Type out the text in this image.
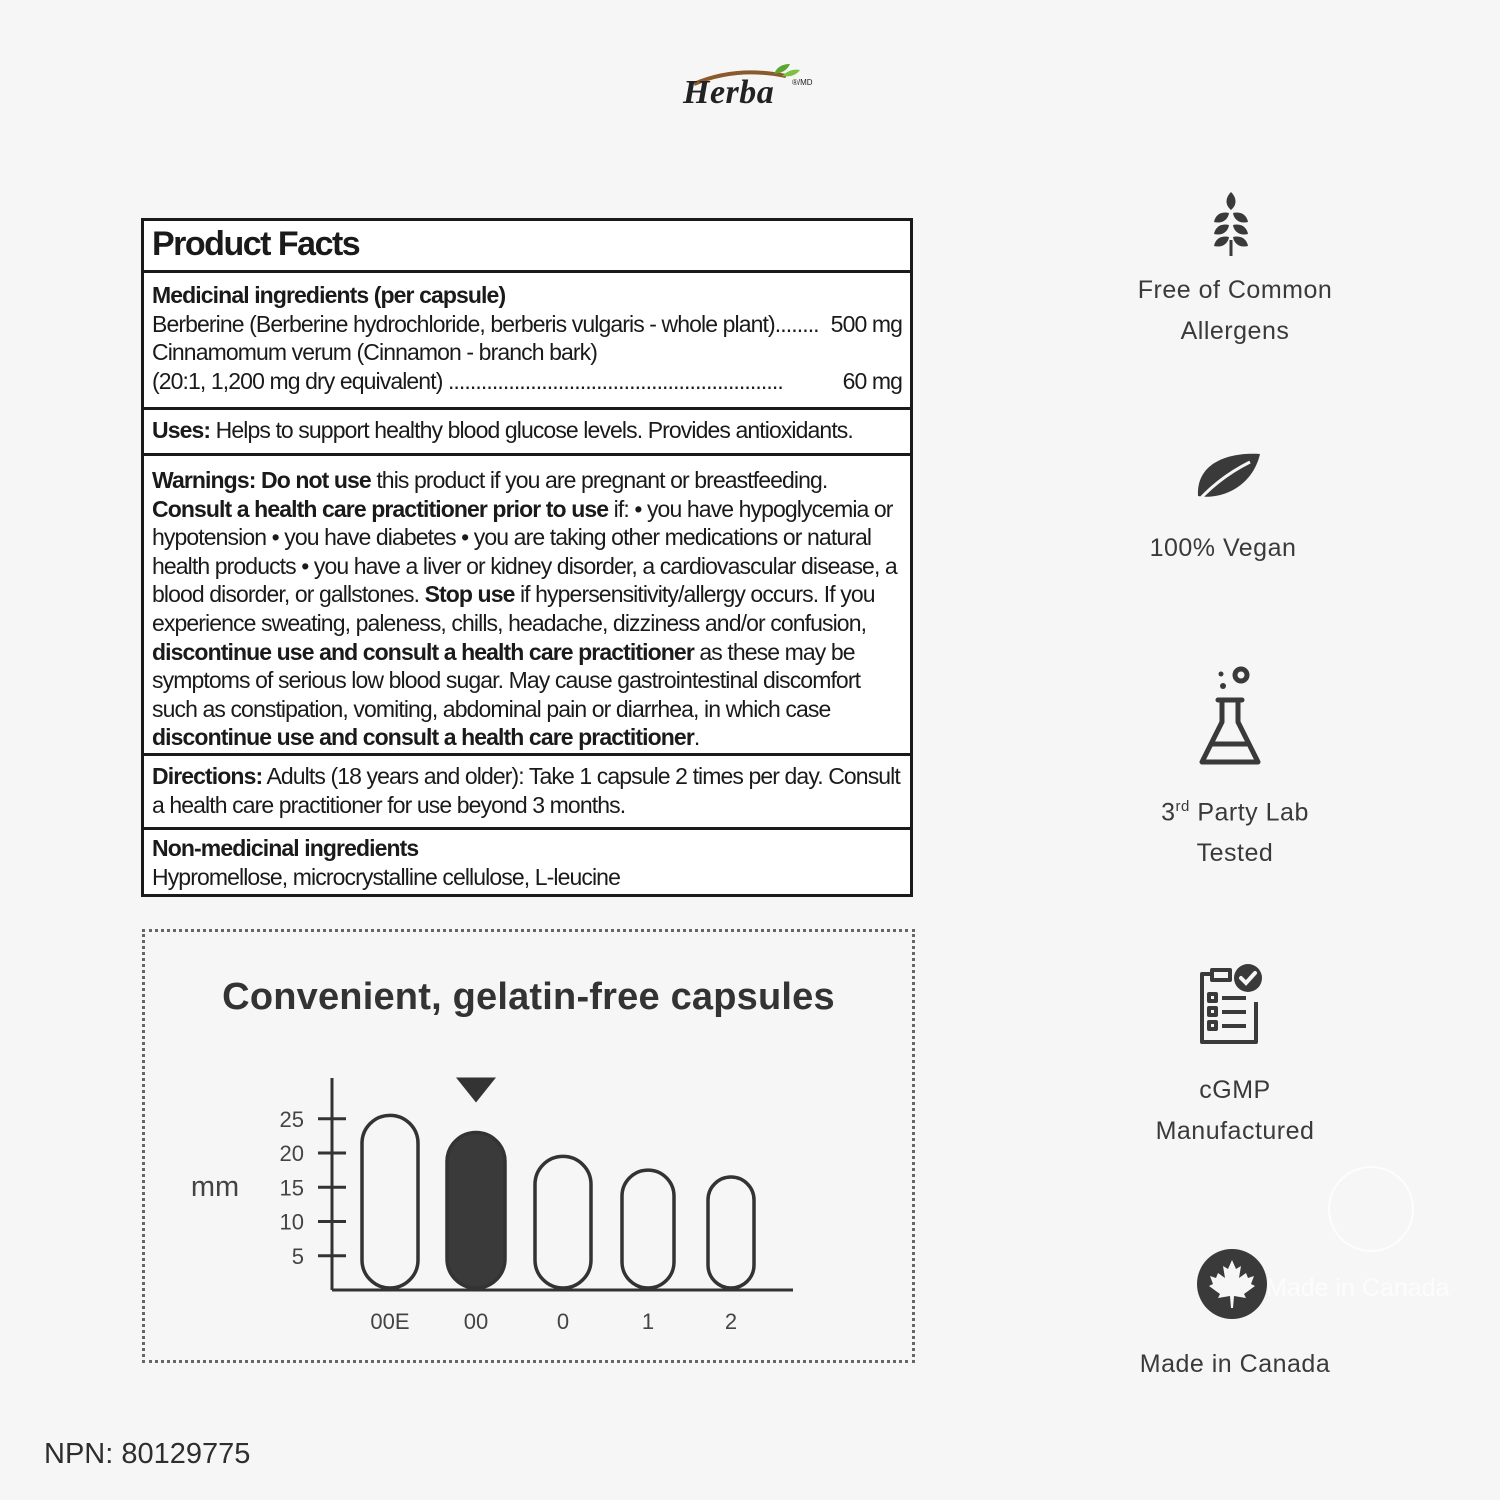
Herba ®/MD
Product Facts
Medicinal ingredients (per capsule)
Berberine (Berberine hydrochloride, berberis vulgaris - whole plant)........ 500 mg
Cinnamomum verum (Cinnamon - branch bark)
(20:1, 1,200 mg dry equivalent) .............................................................	60 mg
Uses: Helps to support healthy blood glucose levels. Provides antioxidants.
Warnings: Do not use this product if you are pregnant or breastfeeding.
Consult a health care practitioner prior to use if: • you have hypoglycemia or hypotension • you have diabetes • you are taking other medications or natural health products • you have a liver or kidney disorder, a cardiovascular disease, a blood disorder, or gallstones. Stop use if hypersensitivity/allergy occurs. If you experience sweating, paleness, chills, headache, dizziness and/or confusion, discontinue use and consult a health care practitioner as these may be symptoms of serious low blood sugar. May cause gastrointestinal discomfort such as constipation, vomiting, abdominal pain or diarrhea, in which case discontinue use and consult a health care practitioner.
Directions: Adults (18 years and older): Take 1 capsule 2 times per day. Consult a health care practitioner for use beyond 3 months.
Non-medicinal ingredients
Hypromellose, microcrystalline cellulose, L-leucine
Convenient, gelatin-free capsules
5
10
15
20
25
mm
00E 00	0	1	2
Free of Common
Allergens
100% Vegan
3rd Party Lab
Tested
cGMP
Manufactured
Made in Canada
Made in Canada
NPN: 80129775
